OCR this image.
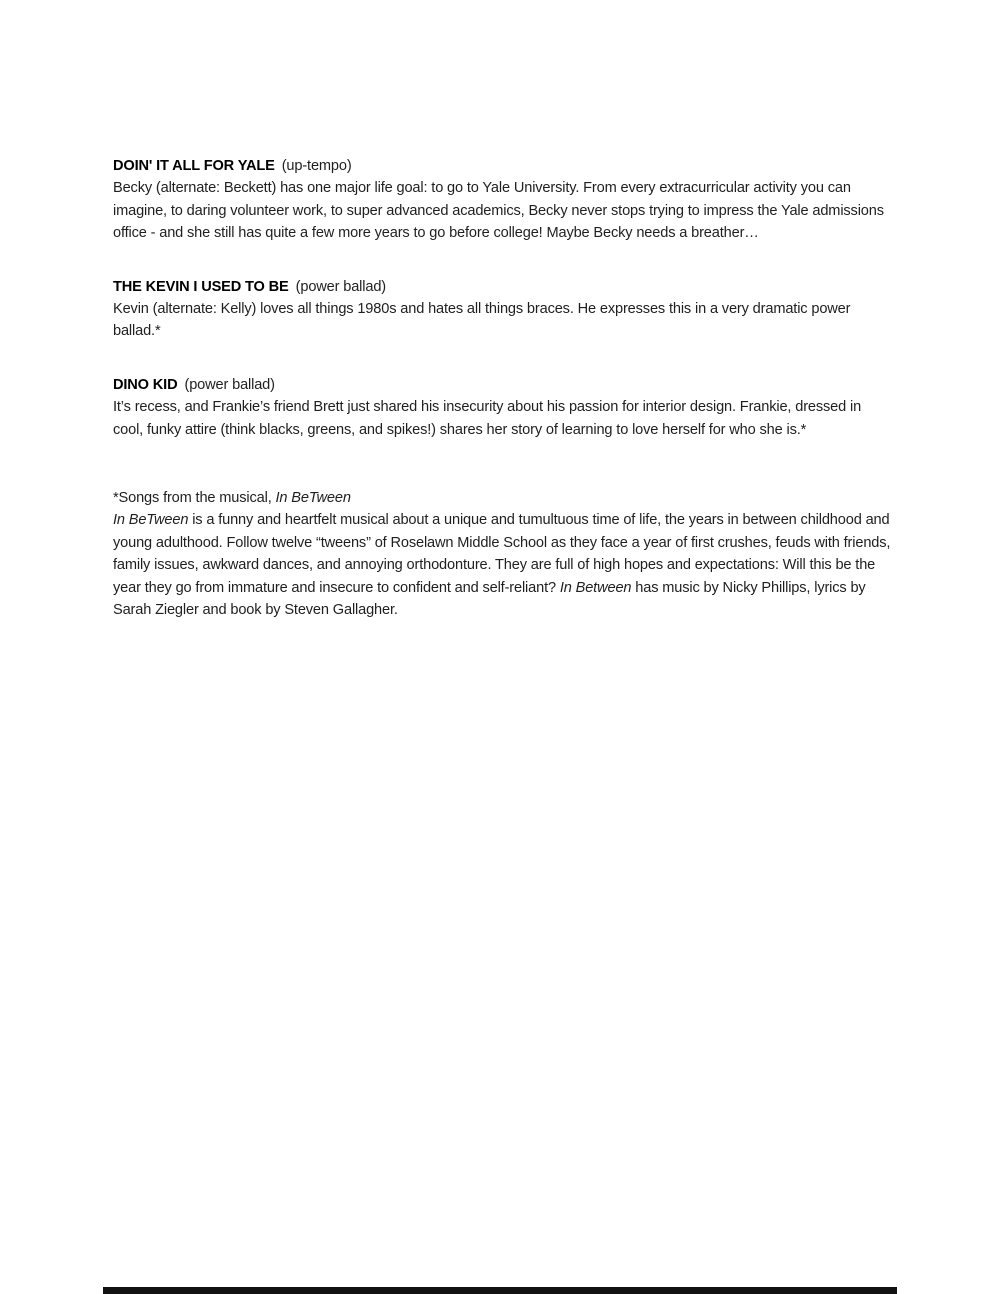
DOIN' IT ALL FOR YALE (up-tempo)

Becky (alternate: Beckett) has one major life goal: to go to Yale University. From every extracurricular activity you can imagine, to daring volunteer work, to super advanced academics, Becky never stops trying to impress the Yale admissions office - and she still has quite a few more years to go before college! Maybe Becky needs a breather…

THE KEVIN I USED TO BE (power ballad)

Kevin (alternate: Kelly) loves all things 1980s and hates all things braces. He expresses this in a very dramatic power ballad.*

DINO KID (power ballad)

It’s recess, and Frankie’s friend Brett just shared his insecurity about his passion for interior design. Frankie, dressed in cool, funky attire (think blacks, greens, and spikes!) shares her story of learning to love herself for who she is.*

*Songs from the musical, In BeTween

In BeTween is a funny and heartfelt musical about a unique and tumultuous time of life, the years in between childhood and young adulthood. Follow twelve “tweens” of Roselawn Middle School as they face a year of first crushes, feuds with friends, family issues, awkward dances, and annoying orthodonture. They are full of high hopes and expectations: Will this be the year they go from immature and insecure to confident and self-reliant? In Between has music by Nicky Phillips, lyrics by Sarah Ziegler and book by Steven Gallagher.
